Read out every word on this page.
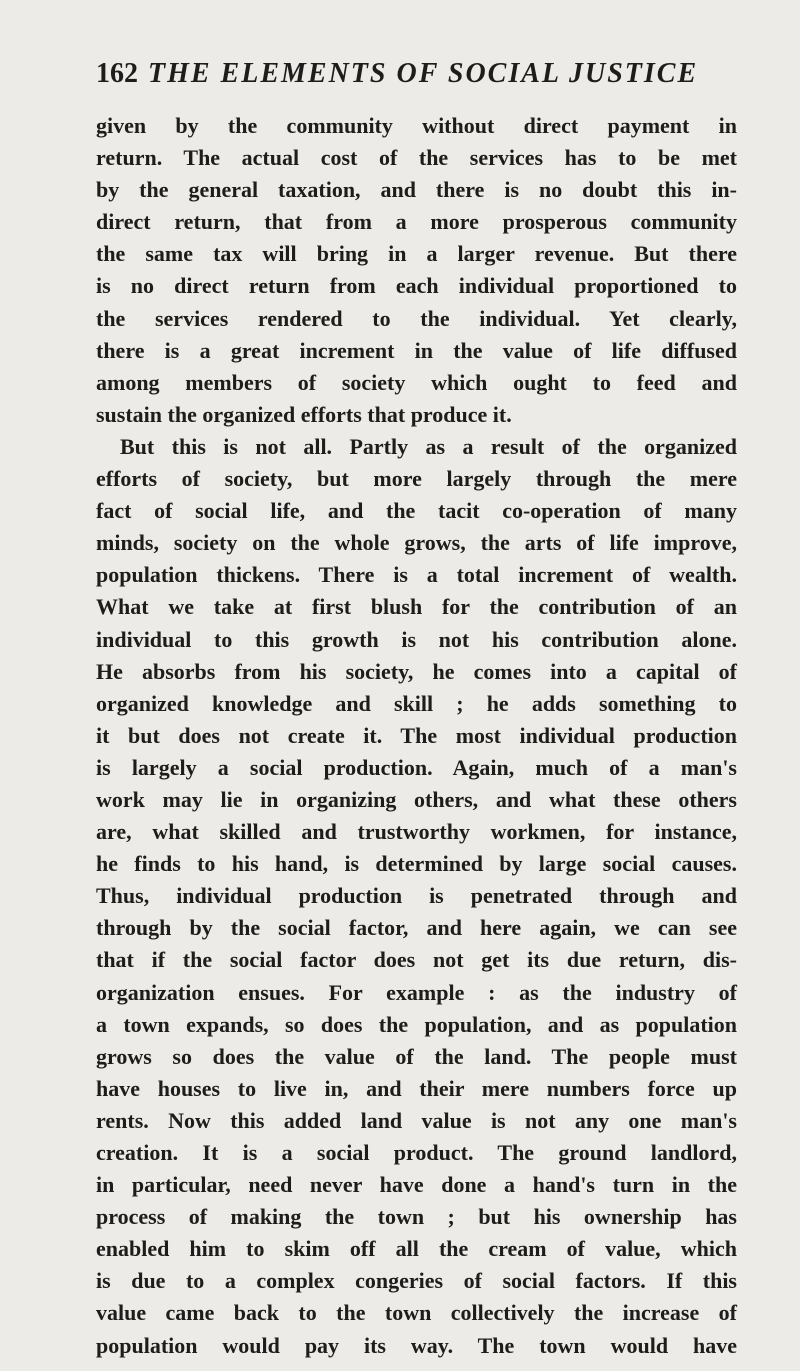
162 THE ELEMENTS OF SOCIAL JUSTICE
given by the community without direct payment in
return. The actual cost of the services has to be met
by the general taxation, and there is no doubt this in-
direct return, that from a more prosperous community
the same tax will bring in a larger revenue. But there
is no direct return from each individual proportioned to
the services rendered to the individual. Yet clearly,
there is a great increment in the value of life diffused
among members of society which ought to feed and
sustain the organized efforts that produce it.
But this is not all. Partly as a result of the organized
efforts of society, but more largely through the mere
fact of social life, and the tacit co-operation of many
minds, society on the whole grows, the arts of life improve,
population thickens. There is a total increment of wealth.
What we take at first blush for the contribution of an
individual to this growth is not his contribution alone.
He absorbs from his society, he comes into a capital of
organized knowledge and skill ; he adds something to
it but does not create it. The most individual production
is largely a social production. Again, much of a man's
work may lie in organizing others, and what these others
are, what skilled and trustworthy workmen, for instance,
he finds to his hand, is determined by large social causes.
Thus, individual production is penetrated through and
through by the social factor, and here again, we can see
that if the social factor does not get its due return, dis-
organization ensues. For example : as the industry of
a town expands, so does the population, and as population
grows so does the value of the land. The people must
have houses to live in, and their mere numbers force up
rents. Now this added land value is not any one man's
creation. It is a social product. The ground landlord,
in particular, need never have done a hand's turn in the
process of making the town ; but his ownership has
enabled him to skim off all the cream of value, which
is due to a complex congeries of social factors. If this
value came back to the town collectively the increase of
population would pay its way. The town would have
